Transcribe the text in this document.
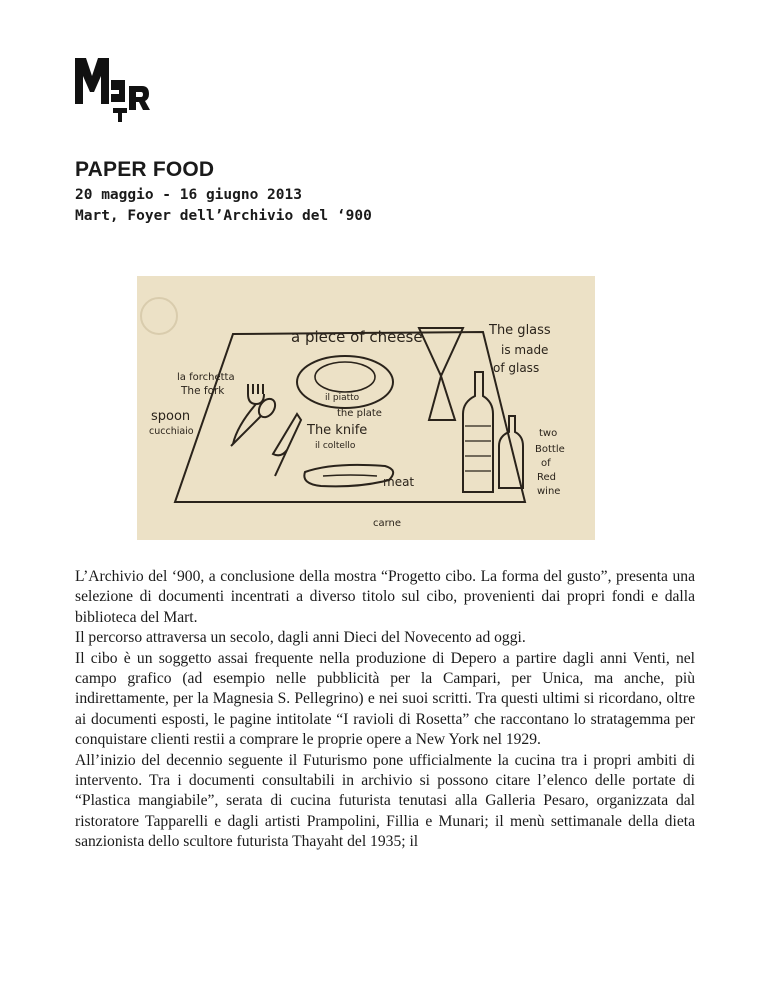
PAPER FOOD
20 maggio - 16 giugno 2013
Mart, Foyer dell’Archivio del ‘900
a piece of cheese
il piatto
the plate
la forchetta
The fork
spoon
cucchiaio	The knife
il coltello
The glass
is made
of glass
two
Bottle
of
Red
wine
meat
carne

L’Archivio del ‘900, a conclusione della mostra “Progetto cibo. La forma del gusto”, presenta una selezione di documenti incentrati a diverso titolo sul cibo, provenienti dai propri fondi e dalla biblioteca del Mart.

Il percorso attraversa un secolo, dagli anni Dieci del Novecento ad oggi.

Il cibo è un soggetto assai frequente nella produzione di Depero a partire dagli anni Venti, nel campo grafico (ad esempio nelle pubblicità per la Campari, per Unica, ma anche, più indirettamente, per la Magnesia S. Pellegrino) e nei suoi scritti. Tra questi ultimi si ricordano, oltre ai documenti esposti, le pagine intitolate “I ravioli di Rosetta” che raccontano lo stratagemma per conquistare clienti restii a comprare le proprie opere a New York nel 1929.

All’inizio del decennio seguente il Futurismo pone ufficialmente la cucina tra i propri ambiti di intervento. Tra i documenti consultabili in archivio si possono citare l’elenco delle portate di “Plastica mangiabile”, serata di cucina futurista tenutasi alla Galleria Pesaro, organizzata dal ristoratore Tapparelli e dagli artisti Prampolini, Fillia e Munari; il menù settimanale della dieta sanzionista dello scultore futurista Thayaht del 1935; il
